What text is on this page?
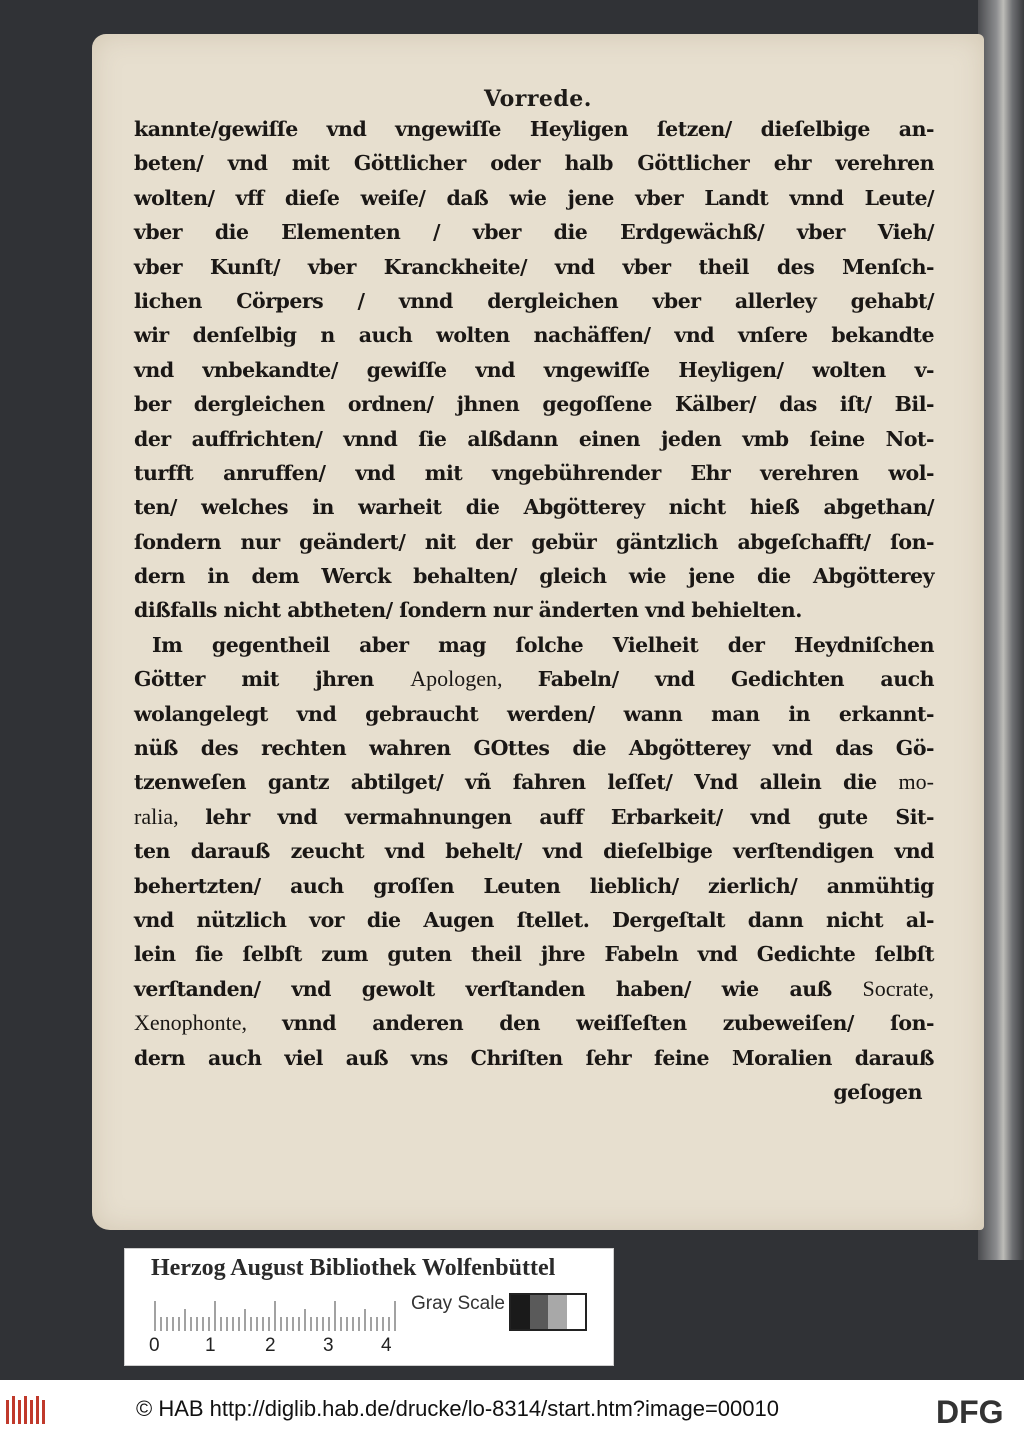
Vorrede.
kannte/gewiſſe vnd vngewiſſe Heyligen ſetzen/ dieſelbige an-
beten/ vnd mit Göttlicher oder halb Göttlicher ehr verehren
wolten/ vff dieſe weiſe/ daß wie jene vber Landt vnnd Leute/
vber die Elementen / vber die Erdgewächß/ vber Vieh/
vber Kunſt/ vber Kranckheite/ vnd vber theil des Menſch-
lichen Cörpers / vnnd dergleichen vber allerley gehabt/
wir denſelbig n auch wolten nachäffen/ vnd vnſere bekandte
vnd vnbekandte/ gewiſſe vnd vngewiſſe Heyligen/ wolten v-
ber dergleichen ordnen/ jhnen gegoſſene Kälber/ das iſt/ Bil-
der auffrichten/ vnnd ſie alßdann einen jeden vmb ſeine Not-
turfft anruffen/ vnd mit vngebührender Ehr verehren wol-
ten/ welches in warheit die Abgötterey nicht hieß abgethan/
ſondern nur geändert/ nit der gebür gäntzlich abgeſchafft/ ſon-
dern in dem Werck behalten/ gleich wie jene die Abgötterey
dißfalls nicht abtheten/ ſondern nur änderten vnd behielten.
Im gegentheil aber mag ſolche Vielheit der Heydniſchen
Götter mit jhren Apologen, Fabeln/ vnd Gedichten auch
wolangelegt vnd gebraucht werden/ wann man in erkannt-
nüß des rechten wahren GOttes die Abgötterey vnd das Gö-
tzenweſen gantz abtilget/ vñ fahren leſſet/ Vnd allein die mo-
ralia, lehr vnd vermahnungen auff Erbarkeit/ vnd gute Sit-
ten darauß zeucht vnd behelt/ vnd dieſelbige verſtendigen vnd
behertzten/ auch groſſen Leuten lieblich/ zierlich/ anmühtig
vnd nützlich vor die Augen ſtellet. Dergeſtalt dann nicht al-
lein ſie ſelbſt zum guten theil jhre Fabeln vnd Gedichte ſelbſt
verſtanden/ vnd gewolt verſtanden haben/ wie auß Socrate,
Xenophonte, vnnd anderen den weiſſeſten zubeweiſen/ ſon-
dern auch viel auß vns Chriſten ſehr feine Moralien darauß
geſogen
Herzog August Bibliothek Wolfenbüttel
0 1	2 3 4
Gray Scale
© HAB http://diglib.hab.de/drucke/lo-8314/start.htm?image=00010	DFG
